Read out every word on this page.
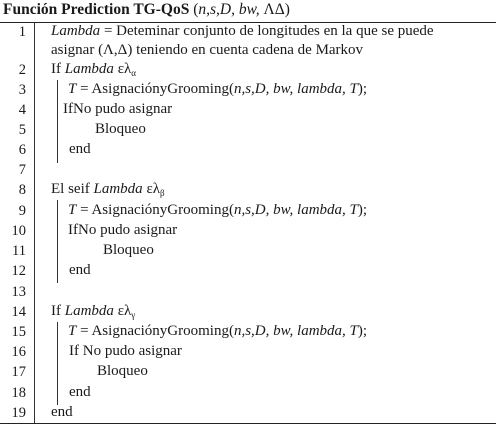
Función Prediction TG-QoS (n,s,D, bw, ΛΔ)
1
2
3
4
5
6
7
8
9
10
11
12
13
14
15
16
17
18
19
Lambda = Deteminar conjunto de longitudes en la que se puede
asignar (Λ,Δ) teniendo en cuenta cadena de Markov
If Lambda $\varepsilon\lambda_\alpha$
T = AsignaciónyGrooming(n,s,D, bw, lambda, T);
IfNo pudo asignar
Bloqueo
end
El seif Lambda $\varepsilon\lambda_\beta$
T = AsignaciónyGrooming(n,s,D, bw, lambda, T);
IfNo pudo asignar
Bloqueo
end
If Lambda $\varepsilon\lambda_\gamma$
T = AsignaciónyGrooming(n,s,D, bw, lambda, T);
If No pudo asignar
Bloqueo
end
end
